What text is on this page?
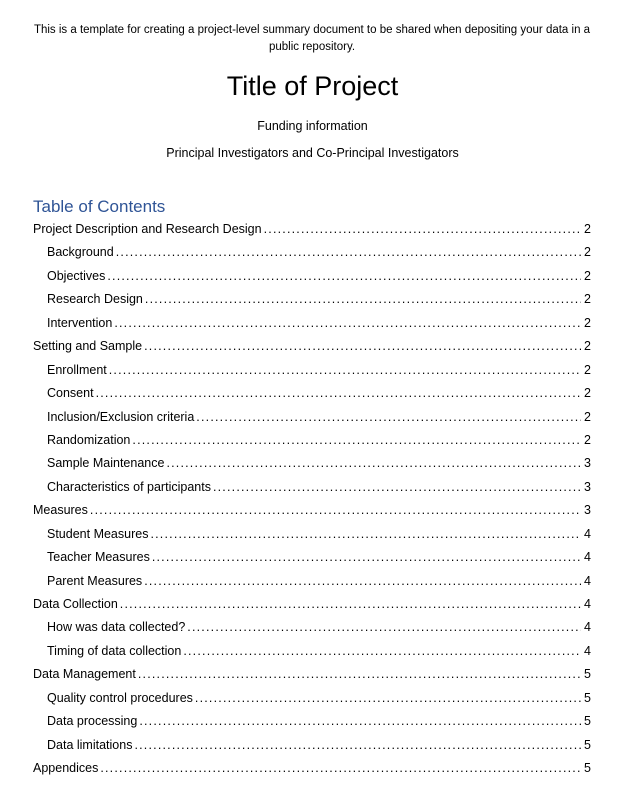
This is a template for creating a project-level summary document to be shared when depositing your data in a public repository.
Title of Project
Funding information
Principal Investigators and Co-Principal Investigators
Table of Contents
Project Description and Research Design .....	2
Background .....	2
Objectives .....	2
Research Design .....	2
Intervention .....	2
Setting and Sample .....	2
Enrollment .....	2
Consent .....	2
Inclusion/Exclusion criteria .....	2
Randomization .....	2
Sample Maintenance .....	3
Characteristics of participants .....	3
Measures .....	3
Student Measures .....	4
Teacher Measures .....	4
Parent Measures .....	4
Data Collection .....	4
How was data collected? .....	4
Timing of data collection .....	4
Data Management .....	5
Quality control procedures .....	5
Data processing .....	5
Data limitations .....	5
Appendices .....	5
